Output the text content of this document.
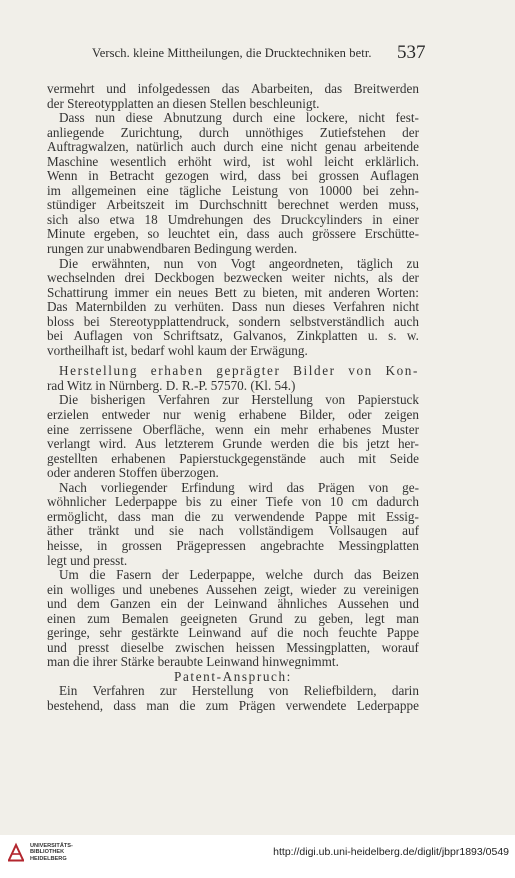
Versch. kleine Mittheilungen, die Drucktechniken betr. 537
vermehrt und infolgedessen das Abarbeiten, das Breitwerden
der Stereotypplatten an diesen Stellen beschleunigt.
Dass nun diese Abnutzung durch eine lockere, nicht fest-
anliegende Zurichtung, durch unnöthiges Zutiefstehen der
Auftragwalzen, natürlich auch durch eine nicht genau arbeitende
Maschine wesentlich erhöht wird, ist wohl leicht erklärlich.
Wenn in Betracht gezogen wird, dass bei grossen Auflagen
im allgemeinen eine tägliche Leistung von 10000 bei zehn-
stündiger Arbeitszeit im Durchschnitt berechnet werden muss,
sich also etwa 18 Umdrehungen des Druckcylinders in einer
Minute ergeben, so leuchtet ein, dass auch grössere Erschütte-
rungen zur unabwendbaren Bedingung werden.
Die erwähnten, nun von Vogt angeordneten, täglich zu
wechselnden drei Deckbogen bezwecken weiter nichts, als der
Schattirung immer ein neues Bett zu bieten, mit anderen Worten:
Das Maternbilden zu verhüten. Dass nun dieses Verfahren nicht
bloss bei Stereotypplattendruck, sondern selbstverständlich auch
bei Auflagen von Schriftsatz, Galvanos, Zinkplatten u. s. w.
vortheilhaft ist, bedarf wohl kaum der Erwägung.
Herstellung erhaben geprägter Bilder von Kon-
rad Witz in Nürnberg. D. R.-P. 57570. (Kl. 54.)
Die bisherigen Verfahren zur Herstellung von Papierstuck
erzielen entweder nur wenig erhabene Bilder, oder zeigen
eine zerrissene Oberfläche, wenn ein mehr erhabenes Muster
verlangt wird. Aus letzterem Grunde werden die bis jetzt her-
gestellten erhabenen Papierstuckgegenstände auch mit Seide
oder anderen Stoffen überzogen.
Nach vorliegender Erfindung wird das Prägen von ge-
wöhnlicher Lederpappe bis zu einer Tiefe von 10 cm dadurch
ermöglicht, dass man die zu verwendende Pappe mit Essig-
äther tränkt und sie nach vollständigem Vollsaugen auf
heisse, in grossen Prägepressen angebrachte Messingplatten
legt und presst.
Um die Fasern der Lederpappe, welche durch das Beizen
ein wolliges und unebenes Aussehen zeigt, wieder zu vereinigen
und dem Ganzen ein der Leinwand ähnliches Aussehen und
einen zum Bemalen geeigneten Grund zu geben, legt man
geringe, sehr gestärkte Leinwand auf die noch feuchte Pappe
und presst dieselbe zwischen heissen Messingplatten, worauf
man die ihrer Stärke beraubte Leinwand hinwegnimmt.
Patent-Anspruch:
Ein Verfahren zur Herstellung von Reliefbildern, darin
bestehend, dass man die zum Prägen verwendete Lederpappe
UNIVERSITÄTS-
BIBLIOTHEK
HEIDELBERG
http://digi.ub.uni-heidelberg.de/diglit/jbpr1893/0549
